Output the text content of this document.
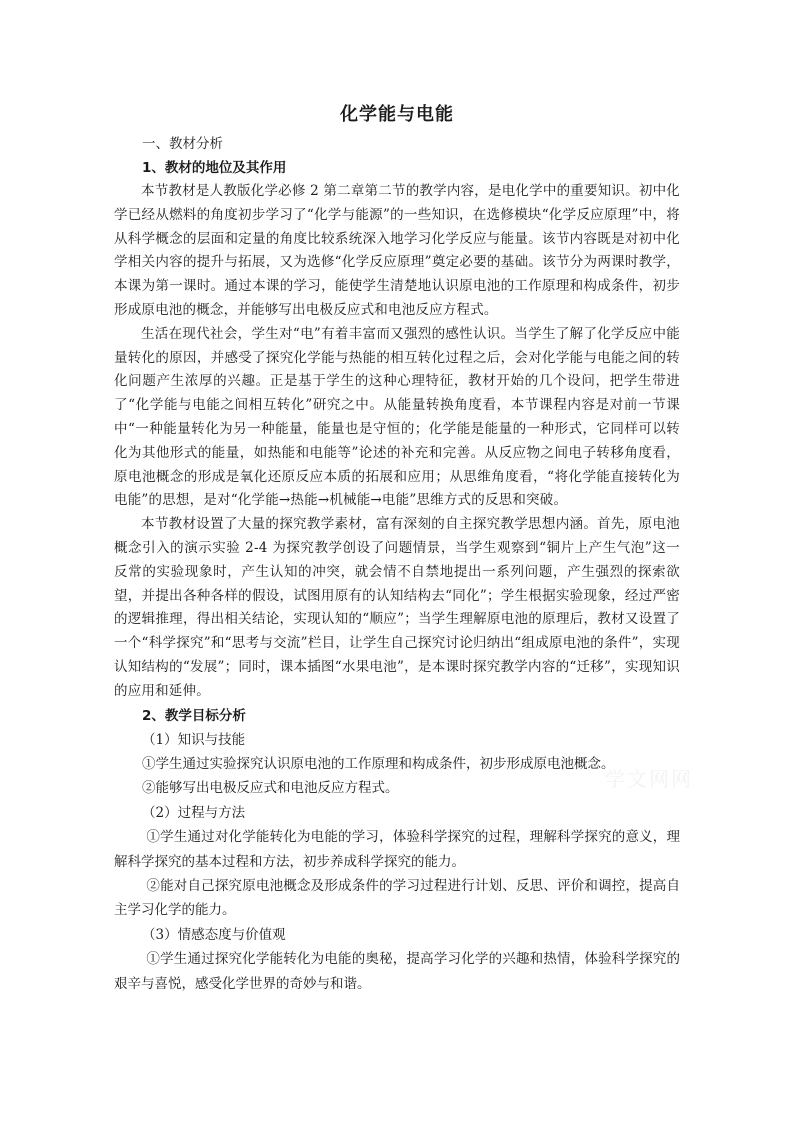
化学能与电能

一、教材分析

1、教材的地位及其作用

本节教材是人教版化学必修 2 第二章第二节的教学内容，是电化学中的重要知识。初中化学已经从燃料的角度初步学习了“化学与能源”的一些知识，在选修模块“化学反应原理”中，将从科学概念的层面和定量的角度比较系统深入地学习化学反应与能量。该节内容既是对初中化学相关内容的提升与拓展，又为选修“化学反应原理”奠定必要的基础。该节分为两课时教学，本课为第一课时。通过本课的学习，能使学生清楚地认识原电池的工作原理和构成条件，初步形成原电池的概念，并能够写出电极反应式和电池反应方程式。

生活在现代社会，学生对“电”有着丰富而又强烈的感性认识。当学生了解了化学反应中能量转化的原因，并感受了探究化学能与热能的相互转化过程之后，会对化学能与电能之间的转化问题产生浓厚的兴趣。正是基于学生的这种心理特征，教材开始的几个设问，把学生带进了“化学能与电能之间相互转化”研究之中。从能量转换角度看，本节课程内容是对前一节课中“一种能量转化为另一种能量，能量也是守恒的；化学能是能量的一种形式，它同样可以转化为其他形式的能量，如热能和电能等”论述的补充和完善。从反应物之间电子转移角度看，原电池概念的形成是氧化还原反应本质的拓展和应用；从思维角度看，“将化学能直接转化为电能”的思想，是对“化学能→热能→机械能→电能”思维方式的反思和突破。

本节教材设置了大量的探究教学素材，富有深刻的自主探究教学思想内涵。首先，原电池概念引入的演示实验 2-4 为探究教学创设了问题情景，当学生观察到“铜片上产生气泡”这一反常的实验现象时，产生认知的冲突，就会情不自禁地提出一系列问题，产生强烈的探索欲望，并提出各种各样的假设，试图用原有的认知结构去“同化”；学生根据实验现象，经过严密的逻辑推理，得出相关结论，实现认知的“顺应”；当学生理解原电池的原理后，教材又设置了一个“科学探究”和“思考与交流”栏目，让学生自己探究讨论归纳出“组成原电池的条件”，实现认知结构的“发展”；同时，课本插图“水果电池”，是本课时探究教学内容的“迁移”，实现知识的应用和延伸。

2、教学目标分析

（1）知识与技能

①学生通过实验探究认识原电池的工作原理和构成条件，初步形成原电池概念。

②能够写出电极反应式和电池反应方程式。

（2）过程与方法

①学生通过对化学能转化为电能的学习，体验科学探究的过程，理解科学探究的意义，理解科学探究的基本过程和方法，初步养成科学探究的能力。

②能对自己探究原电池概念及形成条件的学习过程进行计划、反思、评价和调控，提高自主学习化学的能力。

（3）情感态度与价值观

①学生通过探究化学能转化为电能的奥秘，提高学习化学的兴趣和热情，体验科学探究的艰辛与喜悦，感受化学世界的奇妙与和谐。

学文网网
